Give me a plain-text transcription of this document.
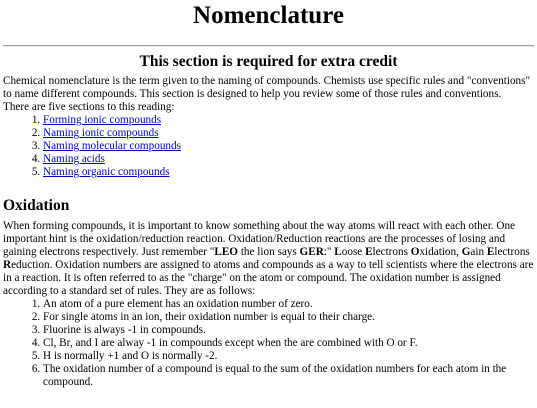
Nomenclature
This section is required for extra credit

Chemical nomenclature is the term given to the naming of compounds. Chemists use specific rules and "conventions" to name different compounds. This section is designed to help you review some of those rules and conventions.

There are five sections to this reading:

1. Forming ionic compounds
2. Naming ionic compounds
3. Naming molecular compounds
4. Naming acids
5. Naming organic compounds
Oxidation

When forming compounds, it is important to know something about the way atoms will react with each other. One important hint is the oxidation/reduction reaction. Oxidation/Reduction reactions are the processes of losing and gaining electrons respectively. Just remember "LEO the lion says GER:" Loose Electrons Oxidation, Gain Electrons Reduction. Oxidation numbers are assigned to atoms and compounds as a way to tell scientists where the electrons are in a reaction. It is often referred to as the "charge" on the atom or compound. The oxidation number is assigned according to a standard set of rules. They are as follows:

1. An atom of a pure element has an oxidation number of zero.
2. For single atoms in an ion, their oxidation number is equal to their charge.
3. Fluorine is always -1 in compounds.
4. Cl, Br, and I are alway -1 in compounds except when the are combined with O or F.
5. H is normally +1 and O is normally -2.
6. The oxidation number of a compound is equal to the sum of the oxidation numbers for each atom in the compound.
